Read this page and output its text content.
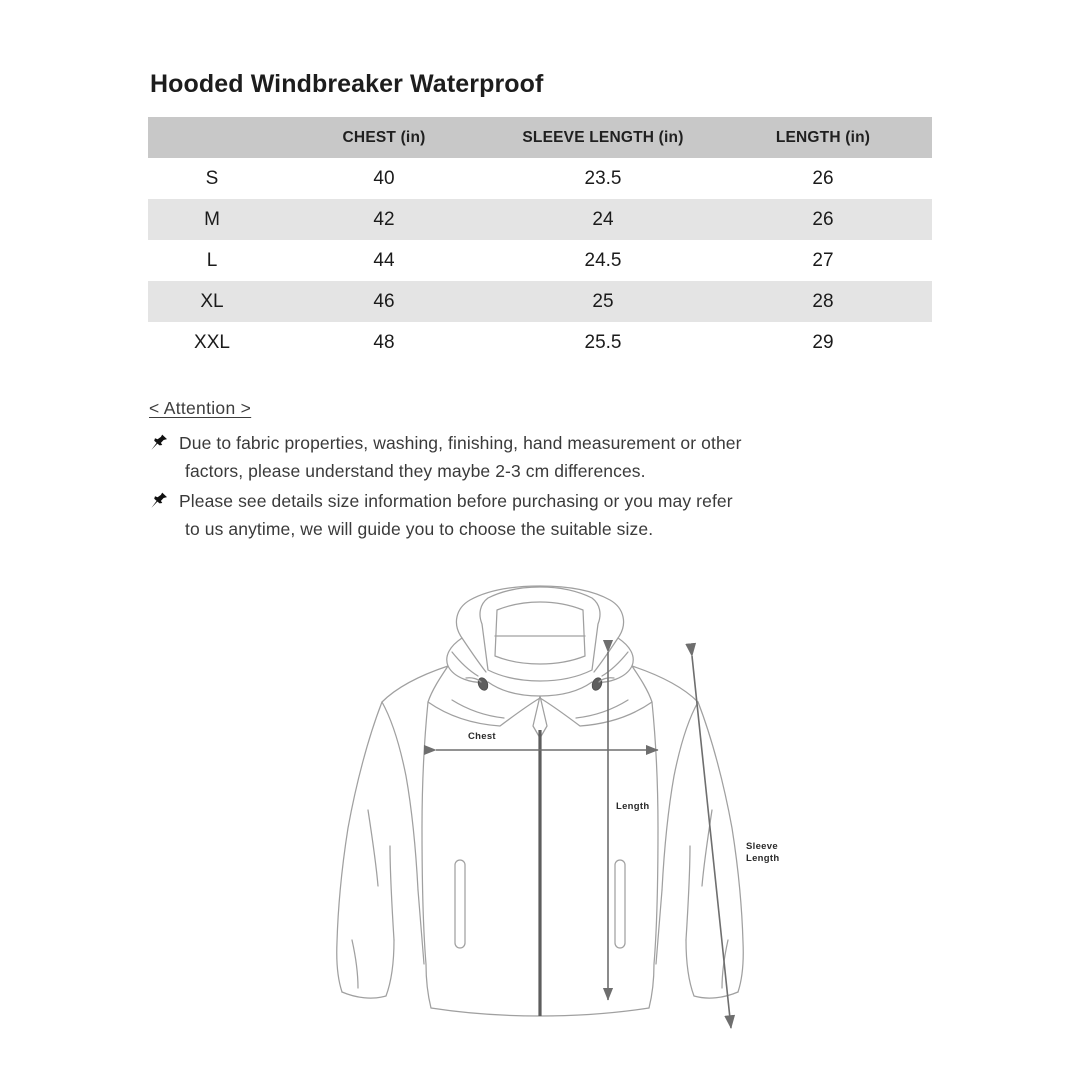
Hooded Windbreaker Waterproof
	CHEST (in)	SLEEVE LENGTH (in)	LENGTH (in)
S	40	23.5	26
M	42	24	26
L	44	24.5	27
XL	46	25	28
XXL	48	25.5	29
< Attention >
Due to fabric properties, washing, finishing, hand measurement or other
factors, please understand they maybe 2-3 cm differences.
Please see details size information before purchasing or you may refer
to us anytime, we will guide you to choose the suitable size.
Chest
Length
Sleeve
Length
